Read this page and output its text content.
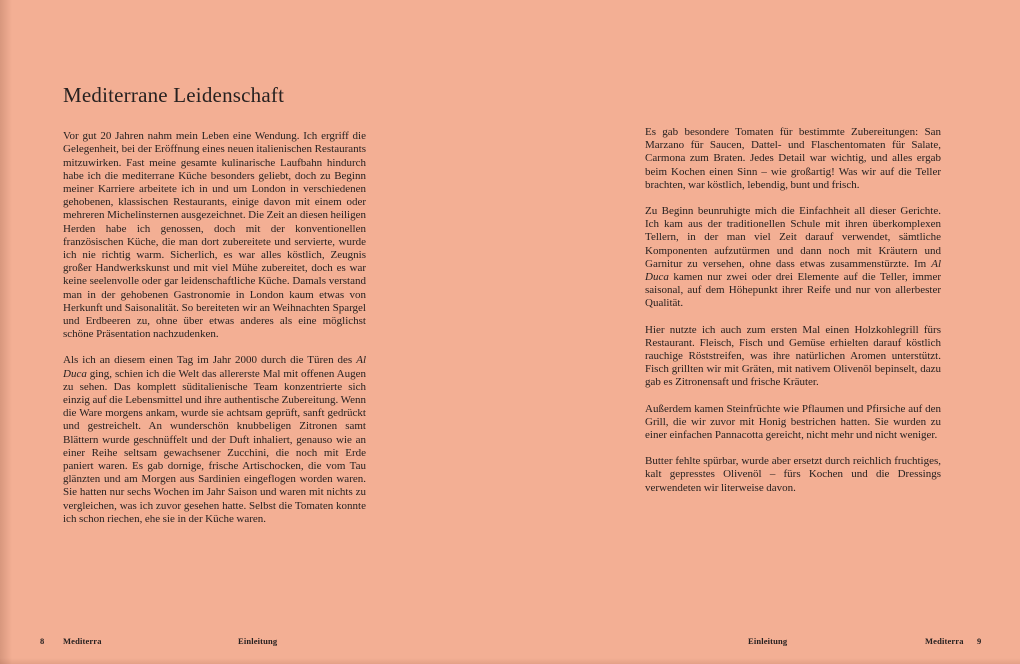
Mediterrane Leidenschaft

Vor gut 20 Jahren nahm mein Leben eine Wendung. Ich ergriff die Gelegenheit, bei der Eröffnung eines neuen italienischen Restaurants mitzuwirken. Fast meine gesamte kulinarische Laufbahn hindurch habe ich die mediterrane Küche besonders geliebt, doch zu Beginn meiner Karriere arbeitete ich in und um London in verschiedenen gehobenen, klassischen Restaurants, einige davon mit einem oder mehreren Michelinsternen ausgezeichnet. Die Zeit an diesen heiligen Herden habe ich genossen, doch mit der konventionellen französischen Küche, die man dort zubereitete und servierte, wurde ich nie richtig warm. Sicherlich, es war alles köstlich, Zeugnis großer Handwerkskunst und mit viel Mühe zubereitet, doch es war keine seelenvolle oder gar leidenschaftliche Küche. Damals verstand man in der gehobenen Gastronomie in London kaum etwas von Herkunft und Saisonalität. So bereiteten wir an Weihnachten Spargel und Erdbeeren zu, ohne über etwas anderes als eine möglichst schöne Präsentation nachzudenken.

Als ich an diesem einen Tag im Jahr 2000 durch die Türen des Al Duca ging, schien ich die Welt das allererste Mal mit offenen Augen zu sehen. Das komplett süditalienische Team konzentrierte sich einzig auf die Lebensmittel und ihre authentische Zubereitung. Wenn die Ware morgens ankam, wurde sie achtsam geprüft, sanft gedrückt und gestreichelt. An wunderschön knubbeligen Zitronen samt Blättern wurde geschnüffelt und der Duft inhaliert, genauso wie an einer Reihe seltsam gewachsener Zucchini, die noch mit Erde paniert waren. Es gab dornige, frische Artischocken, die vom Tau glänzten und am Morgen aus Sardinien eingeflogen worden waren. Sie hatten nur sechs Wochen im Jahr Saison und waren mit nichts zu vergleichen, was ich zuvor gesehen hatte. Selbst die Tomaten konnte ich schon riechen, ehe sie in der Küche waren.

Es gab besondere Tomaten für bestimmte Zubereitungen: San Marzano für Saucen, Dattel- und Flaschentomaten für Salate, Carmona zum Braten. Jedes Detail war wichtig, und alles ergab beim Kochen einen Sinn – wie großartig! Was wir auf die Teller brachten, war köstlich, lebendig, bunt und frisch.

Zu Beginn beunruhigte mich die Einfachheit all dieser Gerichte. Ich kam aus der traditionellen Schule mit ihren überkomplexen Tellern, in der man viel Zeit darauf verwendet, sämtliche Komponenten aufzutürmen und dann noch mit Kräutern und Garnitur zu versehen, ohne dass etwas zusammenstürzte. Im Al Duca kamen nur zwei oder drei Elemente auf die Teller, immer saisonal, auf dem Höhepunkt ihrer Reife und nur von allerbester Qualität.

Hier nutzte ich auch zum ersten Mal einen Holzkohlegrill fürs Restaurant. Fleisch, Fisch und Gemüse erhielten darauf köstlich rauchige Röststreifen, was ihre natürlichen Aromen unterstützt. Fisch grillten wir mit Gräten, mit nativem Olivenöl bepinselt, dazu gab es Zitronensaft und frische Kräuter.

Außerdem kamen Steinfrüchte wie Pflaumen und Pfirsiche auf den Grill, die wir zuvor mit Honig bestrichen hatten. Sie wurden zu einer einfachen Pannacotta gereicht, nicht mehr und nicht weniger.

Butter fehlte spürbar, wurde aber ersetzt durch reichlich fruchtiges, kalt gepresstes Olivenöl – fürs Kochen und die Dressings verwendeten wir literweise davon.

8 Mediterra	Einleitung	Einleitung	Mediterra 9
